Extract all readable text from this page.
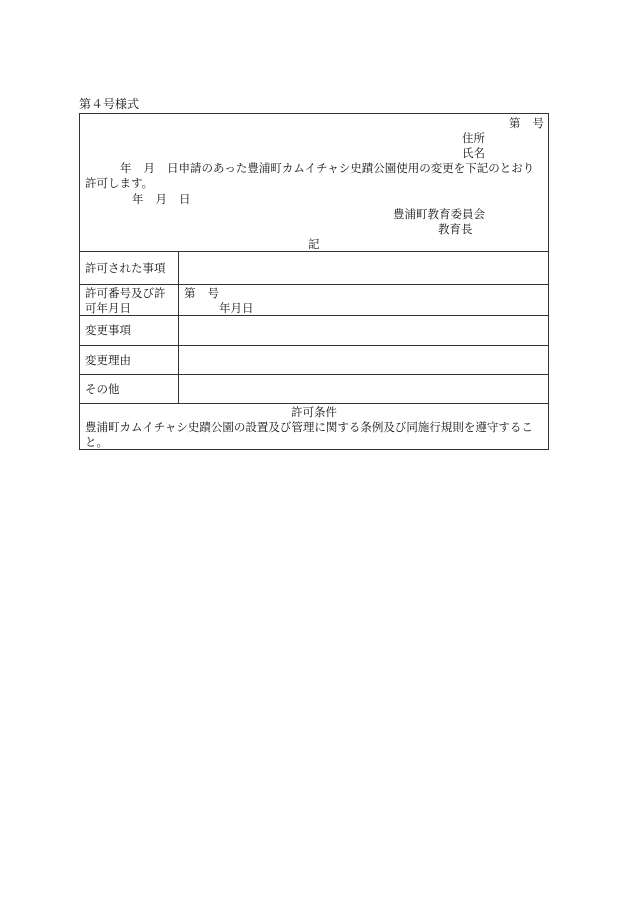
第４号様式
第 号
住所
氏名
年 月 日申請のあった豊浦町カムイチャシ史蹟公園使用の変更を下記のとおり
許可します。
年 月 日
豊浦町教育委員会
教育長
記
許可された事項
許可番号及び許
可年月日
第 号
年月日
変更事項
変更理由
その他
許可条件
豊浦町カムイチャシ史蹟公園の設置及び管理に関する条例及び同施行規則を遵守するこ
と。
